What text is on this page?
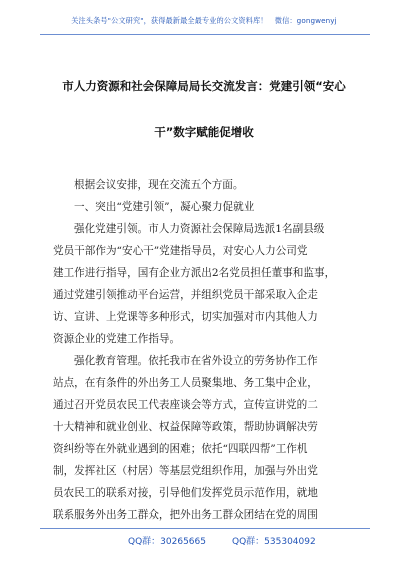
关注头条号"公文研究"，获得最新最全最专业的公文资料库！　微信：gongwenyj
市人力资源和社会保障局局长交流发言：党建引领“安心
干”数字赋能促增收
根据会议安排，现在交流五个方面。
一、突出“党建引领”，凝心聚力促就业
强化党建引领。市人力资源社会保障局选派1名副县级
党员干部作为“安心干”党建指导员，对安心人力公司党
建工作进行指导，国有企业方派出2名党员担任董事和监事，
通过党建引领推动平台运营，并组织党员干部采取入企走
访、宣讲、上党课等多种形式，切实加强对市内其他人力
资源企业的党建工作指导。
强化教育管理。依托我市在省外设立的劳务协作工作
站点，在有条件的外出务工人员聚集地、务工集中企业，
通过召开党员农民工代表座谈会等方式，宣传宣讲党的二
十大精神和就业创业、权益保障等政策，帮助协调解决劳
资纠纷等在外就业遇到的困难；依托“四联四帮”工作机
制，发挥社区（村居）等基层党组织作用，加强与外出党
员农民工的联系对接，引导他们发挥党员示范作用，就地
联系服务外出务工群众，把外出务工群众团结在党的周围
QQ群：30265665	QQ群：535304092
